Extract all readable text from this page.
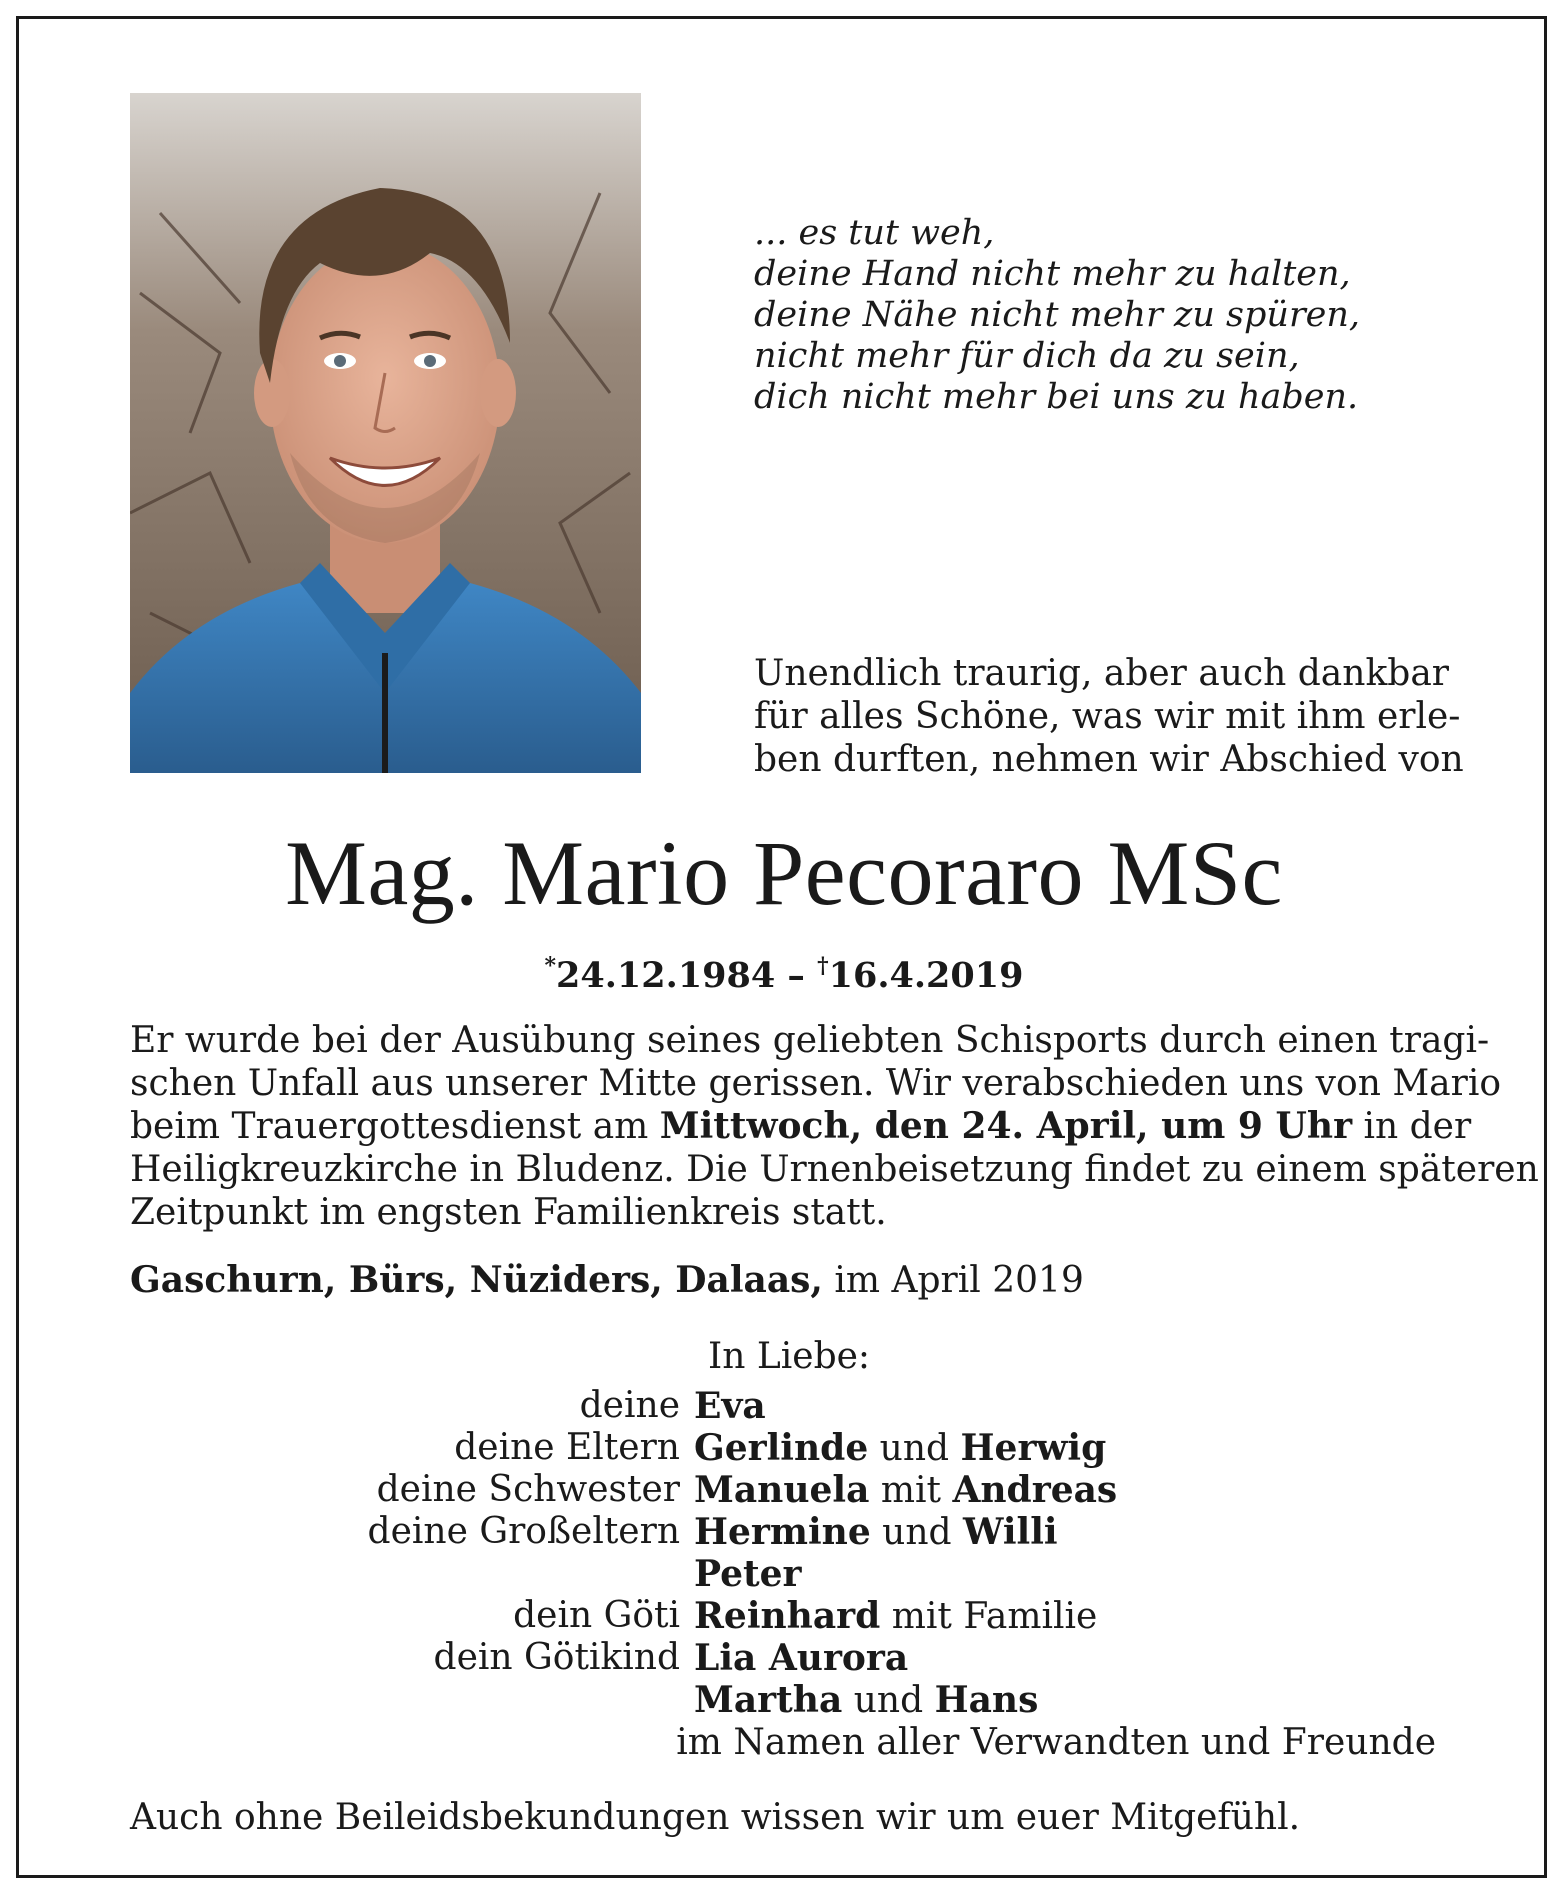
... es tut weh,
deine Hand nicht mehr zu halten,
deine Nähe nicht mehr zu spüren,
nicht mehr für dich da zu sein,
dich nicht mehr bei uns zu haben.
Unendlich traurig, aber auch dankbar
für alles Schöne, was wir mit ihm erle-
ben durften, nehmen wir Abschied von
Mag. Mario Pecoraro MSc
*24.12.1984 – †16.4.2019
Er wurde bei der Ausübung seines geliebten Schisports durch einen tragi-
schen Unfall aus unserer Mitte gerissen. Wir verabschieden uns von Mario
beim Trauergottesdienst am Mittwoch, den 24. April, um 9 Uhr in der
Heiligkreuzkirche in Bludenz. Die Urnenbeisetzung findet zu einem späteren
Zeitpunkt im engsten Familienkreis statt.
Gaschurn, Bürs, Nüziders, Dalaas, im April 2019
In Liebe:
deine Eva
deine Eltern Gerlinde und Herwig
deine Schwester Manuela mit Andreas
deine Großeltern Hermine und Willi
Peter
dein Göti Reinhard mit Familie
dein Götikind Lia Aurora
Martha und Hans
im Namen aller Verwandten und Freunde
Auch ohne Beileidsbekundungen wissen wir um euer Mitgefühl.
